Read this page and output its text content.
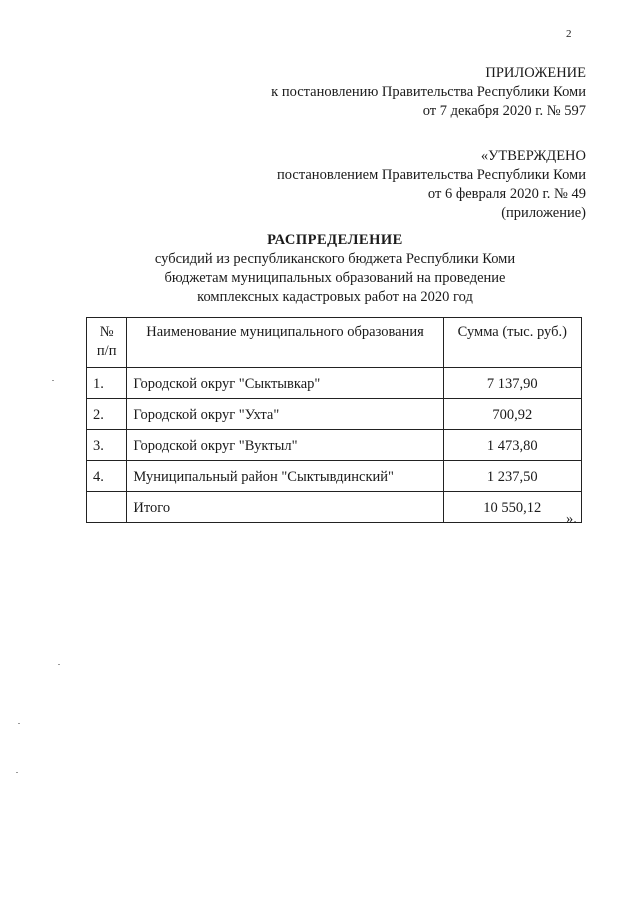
2
ПРИЛОЖЕНИЕ
к постановлению Правительства Республики Коми
от 7 декабря 2020 г. № 597
«УТВЕРЖДЕНО
постановлением Правительства Республики Коми
от 6 февраля 2020 г. № 49
(приложение)
РАСПРЕДЕЛЕНИЕ
субсидий из республиканского бюджета Республики Коми
бюджетам муниципальных образований на проведение
комплексных кадастровых работ на 2020 год
№
п/п	Наименование муниципального образования	Сумма (тыс. руб.)
1.	Городской округ "Сыктывкар"	7 137,90
2.	Городской округ "Ухта"	700,92
3.	Городской округ "Вуктыл"	1 473,80
4.	Муниципальный район "Сыктывдинский"	1 237,50
	Итого	10 550,12
».
